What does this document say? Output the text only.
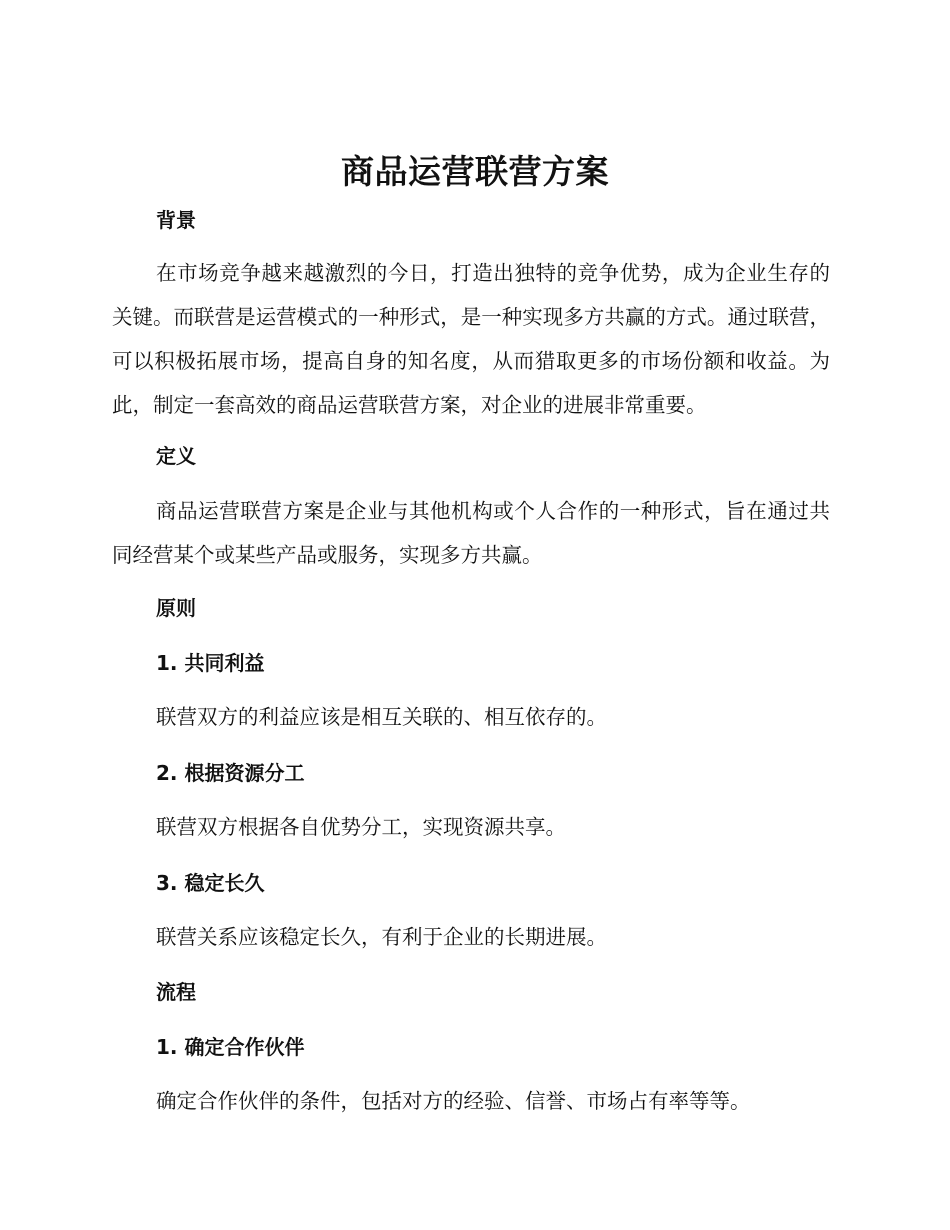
商品运营联营方案
背景

在市场竞争越来越激烈的今日，打造出独特的竞争优势，成为企业生存的关键。而联营是运营模式的一种形式，是一种实现多方共赢的方式。通过联营，可以积极拓展市场，提高自身的知名度，从而猎取更多的市场份额和收益。为此，制定一套高效的商品运营联营方案，对企业的进展非常重要。

定义

商品运营联营方案是企业与其他机构或个人合作的一种形式，旨在通过共同经营某个或某些产品或服务，实现多方共赢。

原则
1. 共同利益

联营双方的利益应该是相互关联的、相互依存的。

2. 根据资源分工

联营双方根据各自优势分工，实现资源共享。

3. 稳定长久

联营关系应该稳定长久，有利于企业的长期进展。

流程
1. 确定合作伙伴

确定合作伙伴的条件，包括对方的经验、信誉、市场占有率等等。
